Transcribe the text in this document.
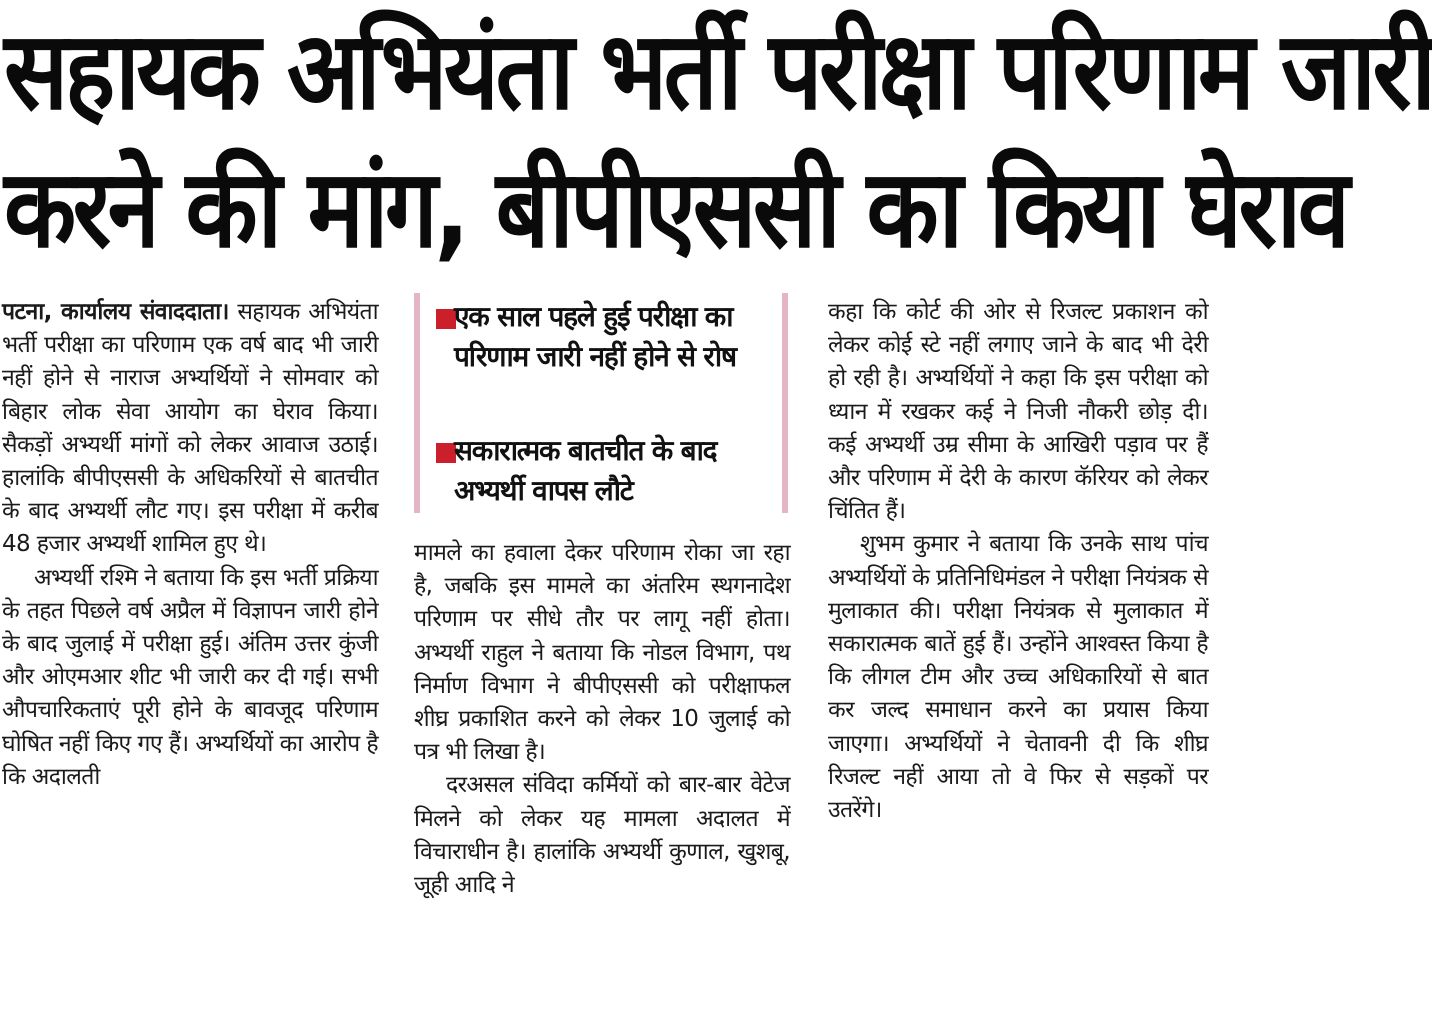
सहायक अभियंता भर्ती परीक्षा परिणाम जारी
करने की मांग, बीपीएससी का किया घेराव

पटना, कार्यालय संवाददाता। सहायक अभियंता भर्ती परीक्षा का परिणाम एक वर्ष बाद भी जारी नहीं होने से नाराज अभ्यर्थियों ने सोमवार को बिहार लोक सेवा आयोग का घेराव किया। सैकड़ों अभ्यर्थी मांगों को लेकर आवाज उठाई। हालांकि बीपीएससी के अधिकरियों से बातचीत के बाद अभ्यर्थी लौट गए। इस परीक्षा में करीब 48 हजार अभ्यर्थी शामिल हुए थे।

अभ्यर्थी रश्मि ने बताया कि इस भर्ती प्रक्रिया के तहत पिछले वर्ष अप्रैल में विज्ञापन जारी होने के बाद जुलाई में परीक्षा हुई। अंतिम उत्तर कुंजी और ओएमआर शीट भी जारी कर दी गई। सभी औपचारिकताएं पूरी होने के बावजूद परिणाम घोषित नहीं किए गए हैं। अभ्यर्थियों का आरोप है कि अदालती

एक साल पहले हुई परीक्षा का परिणाम जारी नहीं होने से रोष
सकारात्मक बातचीत के बाद अभ्यर्थी वापस लौटे

मामले का हवाला देकर परिणाम रोका जा रहा है, जबकि इस मामले का अंतरिम स्थगनादेश परिणाम पर सीधे तौर पर लागू नहीं होता। अभ्यर्थी राहुल ने बताया कि नोडल विभाग, पथ निर्माण विभाग ने बीपीएससी को परीक्षाफल शीघ्र प्रकाशित करने को लेकर 10 जुलाई को पत्र भी लिखा है।

दरअसल संविदा कर्मियों को बार-बार वेटेज मिलने को लेकर यह मामला अदालत में विचाराधीन है। हालांकि अभ्यर्थी कुणाल, खुशबू, जूही आदि ने

कहा कि कोर्ट की ओर से रिजल्ट प्रकाशन को लेकर कोई स्टे नहीं लगाए जाने के बाद भी देरी हो रही है। अभ्यर्थियों ने कहा कि इस परीक्षा को ध्यान में रखकर कई ने निजी नौकरी छोड़ दी। कई अभ्यर्थी उम्र सीमा के आखिरी पड़ाव पर हैं और परिणाम में देरी के कारण कॅरियर को लेकर चिंतित हैं।

शुभम कुमार ने बताया कि उनके साथ पांच अभ्यर्थियों के प्रतिनिधिमंडल ने परीक्षा नियंत्रक से मुलाकात की। परीक्षा नियंत्रक से मुलाकात में सकारात्मक बातें हुई हैं। उन्होंने आश्वस्त किया है कि लीगल टीम और उच्च अधिकारियों से बात कर जल्द समाधान करने का प्रयास किया जाएगा। अभ्यर्थियों ने चेतावनी दी कि शीघ्र रिजल्ट नहीं आया तो वे फिर से सड़कों पर उतरेंगे।
